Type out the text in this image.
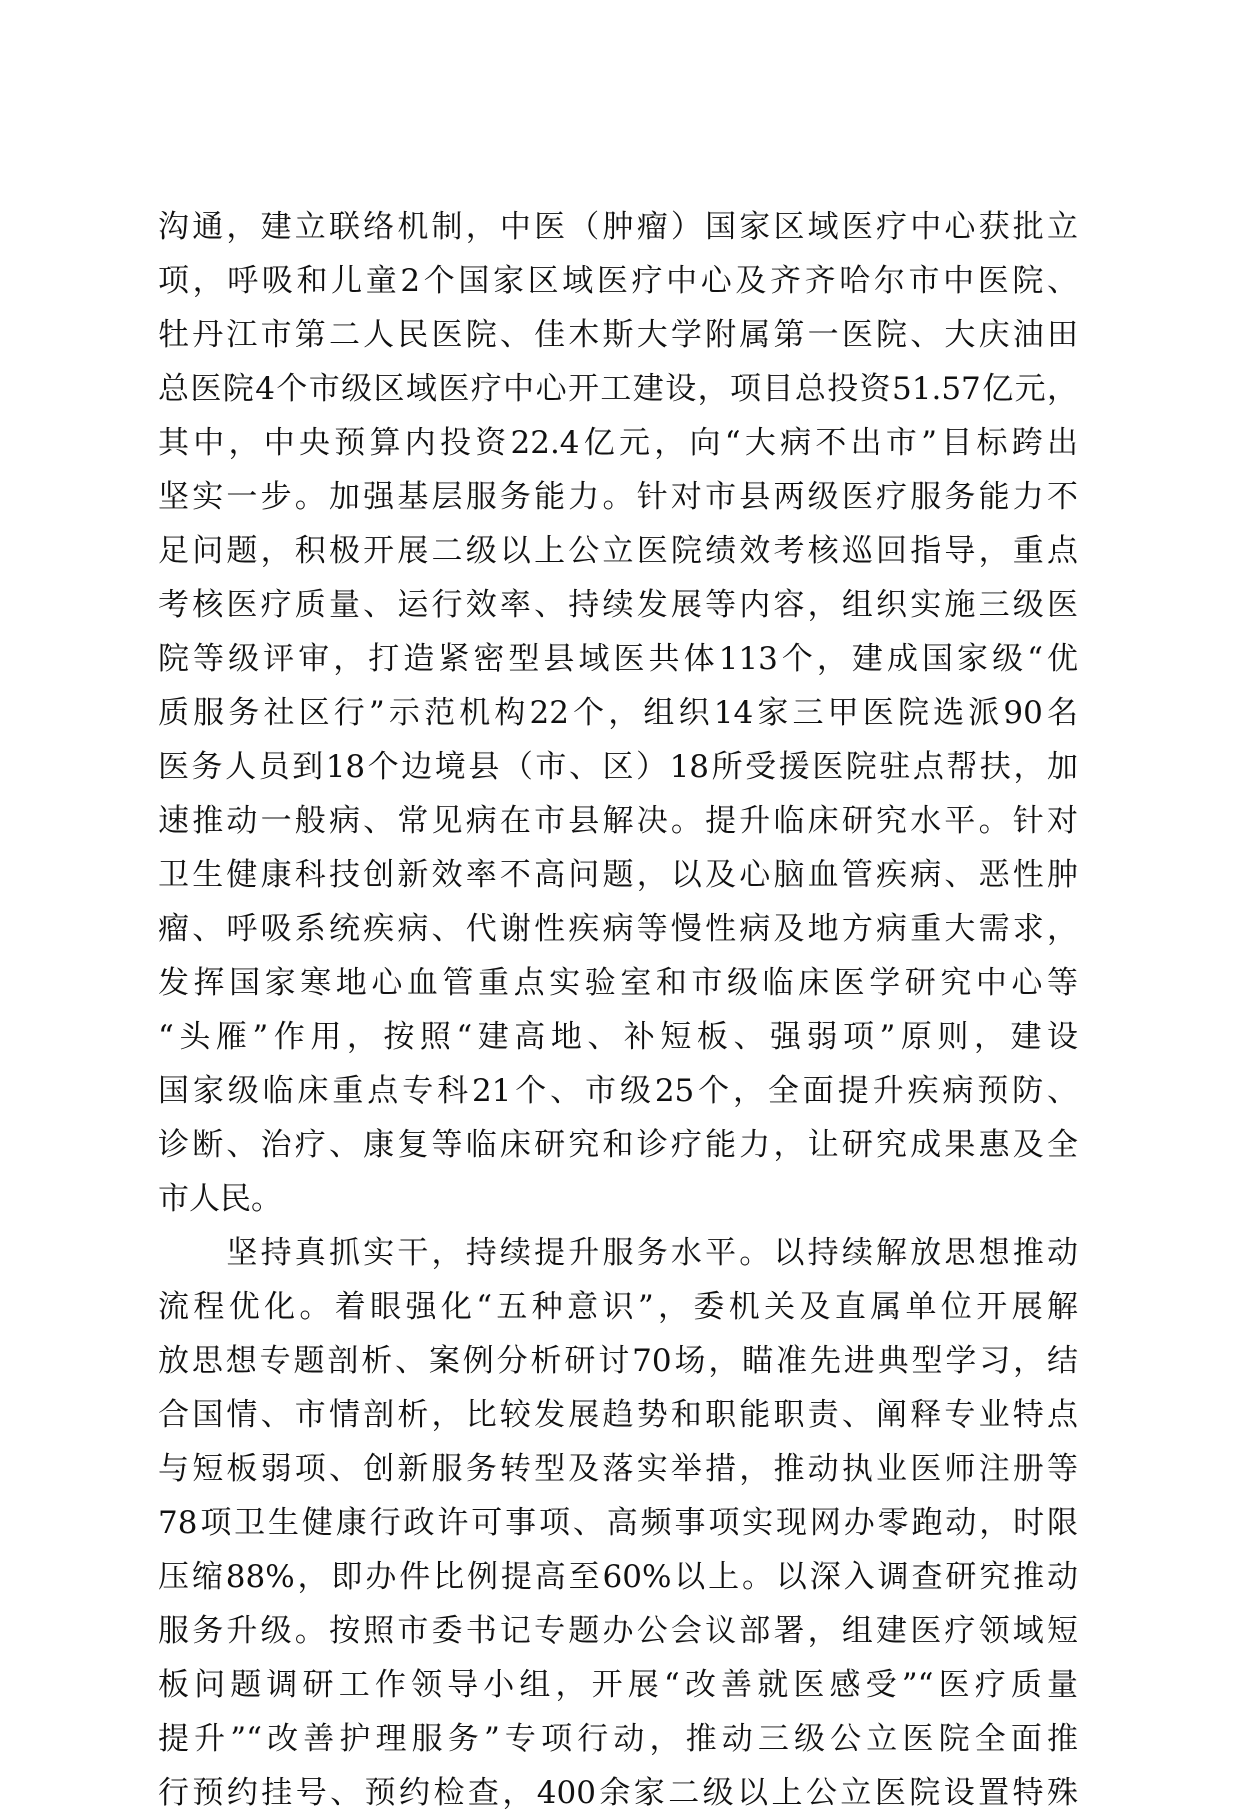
沟通，建立联络机制，中医（肿瘤）国家区域医疗中心获批立
项，呼吸和儿童2个国家区域医疗中心及齐齐哈尔市中医院、
牡丹江市第二人民医院、佳木斯大学附属第一医院、大庆油田
总医院4个市级区域医疗中心开工建设，项目总投资51.57亿元，
其中，中央预算内投资22.4亿元，向“大病不出市”目标跨出
坚实一步。加强基层服务能力。针对市县两级医疗服务能力不
足问题，积极开展二级以上公立医院绩效考核巡回指导，重点
考核医疗质量、运行效率、持续发展等内容，组织实施三级医
院等级评审，打造紧密型县域医共体113个，建成国家级“优
质服务社区行”示范机构22个，组织14家三甲医院选派90名
医务人员到18个边境县（市、区）18所受援医院驻点帮扶，加
速推动一般病、常见病在市县解决。提升临床研究水平。针对
卫生健康科技创新效率不高问题，以及心脑血管疾病、恶性肿
瘤、呼吸系统疾病、代谢性疾病等慢性病及地方病重大需求，
发挥国家寒地心血管重点实验室和市级临床医学研究中心等
“头雁”作用，按照“建高地、补短板、强弱项”原则，建设
国家级临床重点专科21个、市级25个，全面提升疾病预防、
诊断、治疗、康复等临床研究和诊疗能力，让研究成果惠及全
市人民。
　　坚持真抓实干，持续提升服务水平。以持续解放思想推动
流程优化。着眼强化“五种意识”，委机关及直属单位开展解
放思想专题剖析、案例分析研讨70场，瞄准先进典型学习，结
合国情、市情剖析，比较发展趋势和职能职责、阐释专业特点
与短板弱项、创新服务转型及落实举措，推动执业医师注册等
78项卫生健康行政许可事项、高频事项实现网办零跑动，时限
压缩88%，即办件比例提高至60%以上。以深入调查研究推动
服务升级。按照市委书记专题办公会议部署，组建医疗领域短
板问题调研工作领导小组，开展“改善就医感受”“医疗质量
提升”“改善护理服务”专项行动，推动三级公立医院全面推
行预约挂号、预约检查，400余家二级以上公立医院设置特殊
